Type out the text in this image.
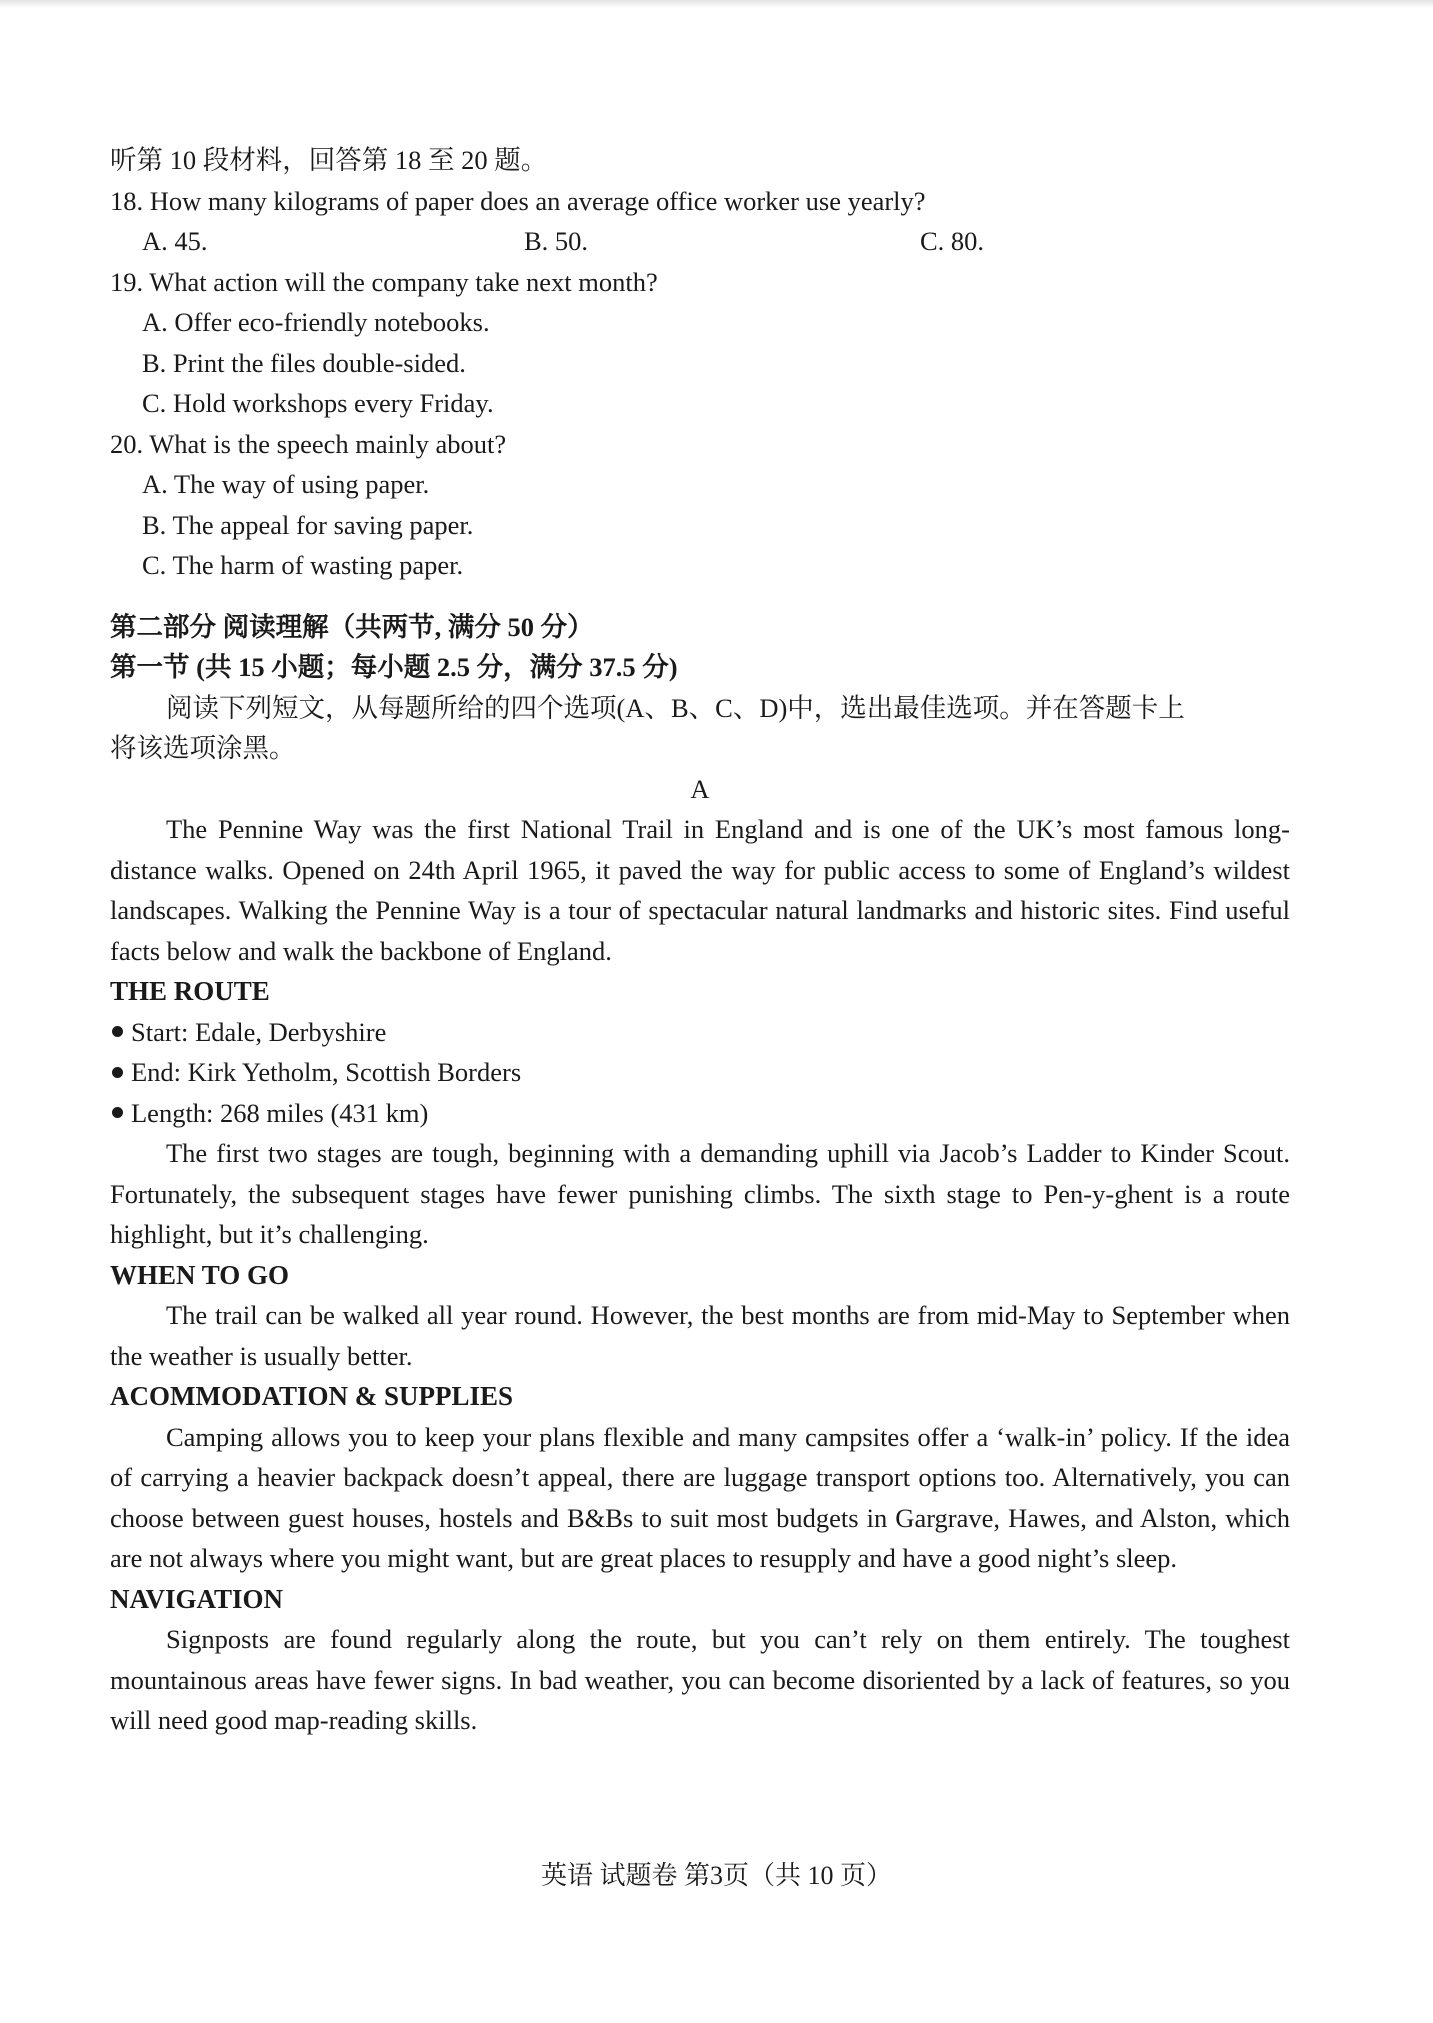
听第 10 段材料，回答第 18 至 20 题。
18. How many kilograms of paper does an average office worker use yearly?
A. 45.	B. 50.	C. 80.
19. What action will the company take next month?
A. Offer eco-friendly notebooks.
B. Print the files double-sided.
C. Hold workshops every Friday.
20. What is the speech mainly about?
A. The way of using paper.
B. The appeal for saving paper.
C. The harm of wasting paper.
第二部分 阅读理解（共两节, 满分 50 分）
第一节 (共 15 小题；每小题 2.5 分，满分 37.5 分)
阅读下列短文，从每题所给的四个选项(A、B、C、D)中，选出最佳选项。并在答题卡上
将该选项涂黑。
A
The Pennine Way was the first National Trail in England and is one of the UK’s most famous long-distance walks. Opened on 24th April 1965, it paved the way for public access to some of England’s wildest landscapes. Walking the Pennine Way is a tour of spectacular natural landmarks and historic sites. Find useful facts below and walk the backbone of England.
THE ROUTE
Start: Edale, Derbyshire
End: Kirk Yetholm, Scottish Borders
Length: 268 miles (431 km)
The first two stages are tough, beginning with a demanding uphill via Jacob’s Ladder to Kinder Scout. Fortunately, the subsequent stages have fewer punishing climbs. The sixth stage to Pen-y-ghent is a route highlight, but it’s challenging.
WHEN TO GO
The trail can be walked all year round. However, the best months are from mid-May to September when the weather is usually better.
ACOMMODATION & SUPPLIES
Camping allows you to keep your plans flexible and many campsites offer a ‘walk-in’ policy. If the idea of carrying a heavier backpack doesn’t appeal, there are luggage transport options too. Alternatively, you can choose between guest houses, hostels and B&Bs to suit most budgets in Gargrave, Hawes, and Alston, which are not always where you might want, but are great places to resupply and have a good night’s sleep.
NAVIGATION
Signposts are found regularly along the route, but you can’t rely on them entirely. The toughest mountainous areas have fewer signs. In bad weather, you can become disoriented by a lack of features, so you will need good map-reading skills.
英语 试题卷 第3页（共 10 页）
